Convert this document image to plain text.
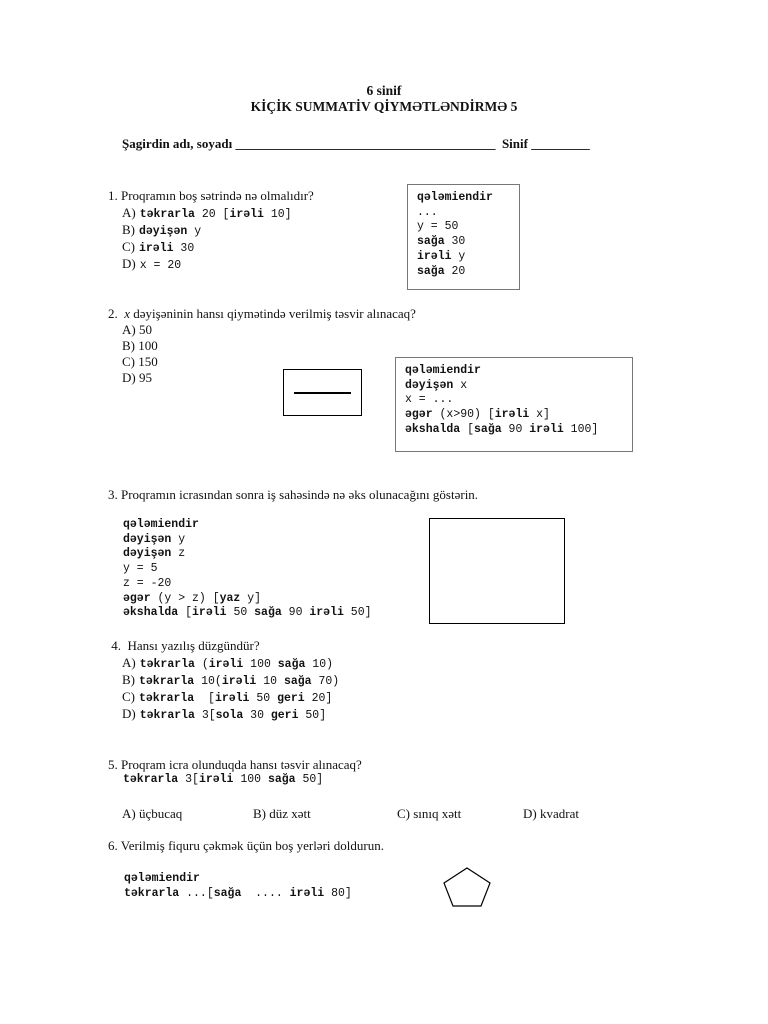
6 sinif
KİÇİK SUMMATİV QİYMƏTLƏNDİRMƏ 5
Şagirdin adı, soyadı ________________________________________ Sinif _________
1. Proqramın boş sətrində nə olmalıdır?
A) təkrarla 20 [irəli 10]
B) dəyişən y
C) irəli 30
D) x = 20
qələmiendir
...
y = 50
sağa 30
irəli y
sağa 20
2. x dəyişəninin hansı qiymətində verilmiş təsvir alınacaq?
A) 50
B) 100
C) 150
D) 95	qələmiendir
dəyişən x
x = ...
əgər (x>90) [irəli x]
əkshalda [sağa 90 irəli 100]
3. Proqramın icrasından sonra iş sahəsində nə əks olunacağını göstərin.
qələmiendir
dəyişən y
dəyişən z
y = 5
z = -20
əgər (y > z) [yaz y]
əkshalda [irəli 50 sağa 90 irəli 50]
4.  Hansı yazılış düzgündür?
A) təkrarla (irəli 100 sağa 10)
B) təkrarla 10(irəli 10 sağa 70)
C) təkrarla  [irəli 50 geri 20]
D) təkrarla 3[sola 30 geri 50]
5. Proqram icra olunduqda hansı təsvir alınacaq?
təkrarla 3[irəli 100 sağa 50]
A) üçbucaq	B) düz xətt	C) sınıq xətt	D) kvadrat
6. Verilmiş fiquru çəkmək üçün boş yerləri doldurun.
qələmiendir
təkrarla ...[sağa  .... irəli 80]
